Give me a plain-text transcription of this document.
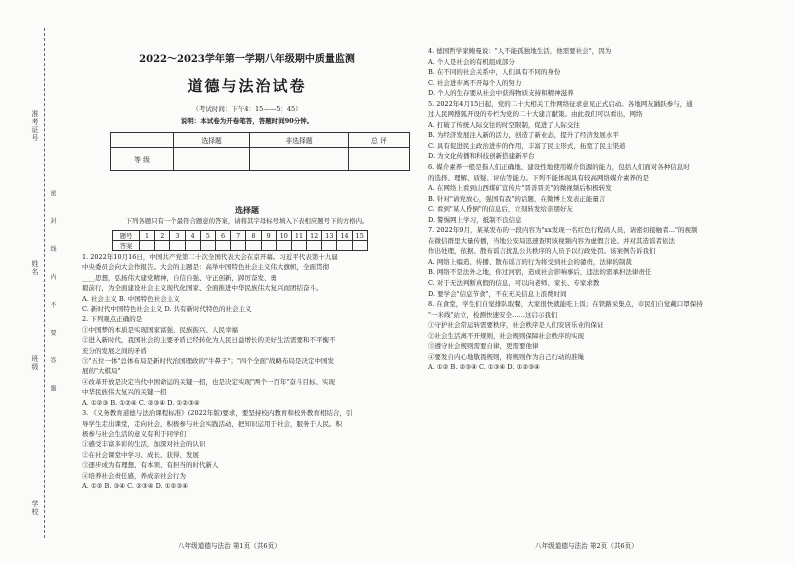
准考证号
姓名
班级
学校
密 封 线 内 不 要 答 题
2022～2023学年第一学期八年级期中质量监测
道德与法治试卷
（考试时间：下午4：15——5：45）
说明：本试卷为开卷笔答，答题时间90分钟。
	选择题	非选择题	总 评
等 级			
选择题
下列各题只有一个最符合题意的答案，请将其字母标号填入下表相应题号下的方格内。
题号	1	2	3	4	5	6	7	8	9	10	11	12	13	14	15
答案															

1. 2022年10月16日，中国共产党第二十次全国代表大会在京开幕。习近平代表第十九届

中央委员会向大会作报告。大会的主题是：高举中国特色社会主义伟大旗帜，全面贯彻

____思想，弘扬伟大建党精神，自信自强、守正创新，踔厉奋发、勇

毅前行，为全面建设社会主义现代化国家、全面推进中华民族伟大复兴而团结奋斗。

A. 社会主义 B. 中国特色社会主义

C. 新时代中国特色社会主义 D. 共有新时代特色的社会主义

2. 下列观点正确的是

①中国梦的本质是实现国家富强、民族振兴、人民幸福

②进入新时代，我国社会的主要矛盾已经转化为人民日益增长的美好生活需要和不平衡不

充分的发展之间的矛盾

③"五位一体"总体布局是新时代治国理政的"牛鼻子"；"四个全面"战略布局是决定中国发

展的"大棋局"

④改革开放是决定当代中国命运的关键一招，也是决定实现"两个一百年"奋斗目标、实现

中华民族伟大复兴的关键一招

A. ①②③ B. ①②④ C. ②③④ D. ①②③④

3. 《义务教育道德与法治课程标准》(2022年版)要求，要坚持校内教育和校外教育相结合，引

导学生走出课堂，走向社会，积极参与社会实践活动，把知识运用于社会，服务于人民。积

极参与社会生活的意义有利于同学们

①感受丰富多彩的生活，加深对社会的认识

②在社会课堂中学习、成长、获得、发展

③逐步成为有理想、有本领、有担当的时代新人

④培养社会责任感，养成亲社会行为

A. ①② B. ③④ C. ②③④ D. ①②③④

4. 德国哲学家鲍曼说："人不能孤独地生活，他需要社会"，因为

A. 个人是社会的有机组成部分

B. 在不同的社会关系中，人们具有不同的身份

C. 社会进步离不开每个人的努力

D. 个人的生存要从社会中获得物质支持和精神滋养

5. 2022年4月15日起，党的二十大相关工作网络征求意见正式启动。各地网友踊跃参与，通

过人民网搜狐开设的专栏为党的二十大建言献策。由此我们可以看出，网络

A. 打破了传统人际交往的时空限制，促进了人际交往

B. 为经济发展注入新的活力，创造了新业态，提升了经济发展水平

C. 具有促进民主政治进步的作用，丰富了民主形式，拓宽了民主渠道

D. 为文化传播和科技创新搭建新平台

6. 媒介素养一般是指人们正确地、建设性地使用媒介资源的能力，包括人们面对各种信息时

的选择、理解、质疑、评估等能力。下列不能体现具有较高网络媒介素养的是

A. 在网络上看到山西煤矿宣传片"晋善晋美"的微视频后积极转发

B. 针对"请党放心，强国有我"的话题，在微博上发表正能量言

C. 看到"某人昏倒"的信息后，立刻转发给亲朋好友

D. 警惕网上学习，抵制不良信息

7. 2022年9月，某某发布的一段内容为"xx发现一名红色行程码人员，请密切接触者..."的视频

在微信群里大量传播，当地公安局迅速查明该视频内容为虚假言论。并对其造谣者依法

作出处理，依据、散布谣言扰乱公共秩序的人员予以行政处罚。该案例告诉我们

A. 网络上编造、传播、散布谣言的行为将受到社会的谴责，法律的制裁

B. 网络不是法外之地，你过河宿，造成社会影响事后，违法的需承担法律责任

C. 对于无法判断真假的信息，可以向老师、家长、专家求教

D. 要学会"信息节食"，不在无关信息上浪费时间

8. 在食堂，学生们自觉排队取餐，大家很快就能吃上饭；在铁路采集点，市民们自觉戴口罩保持

"一米线"站立，检测快速安全……这启示我们

①守护社会常运转需要秩序，社会秩序是人们安居乐业的保证

②社会生活离不开规则，社会规则保障社会秩序的实现

③遵守社会规则需要自律，更需要他律

④要发自内心地敬畏规则，将规则作为自己行动的准绳

A. ①② B. ②③④ C. ①③④ D. ①②③④

八年级道德与法治 第1页（共6页）	八年级道德与法治 第2页（共6页）
